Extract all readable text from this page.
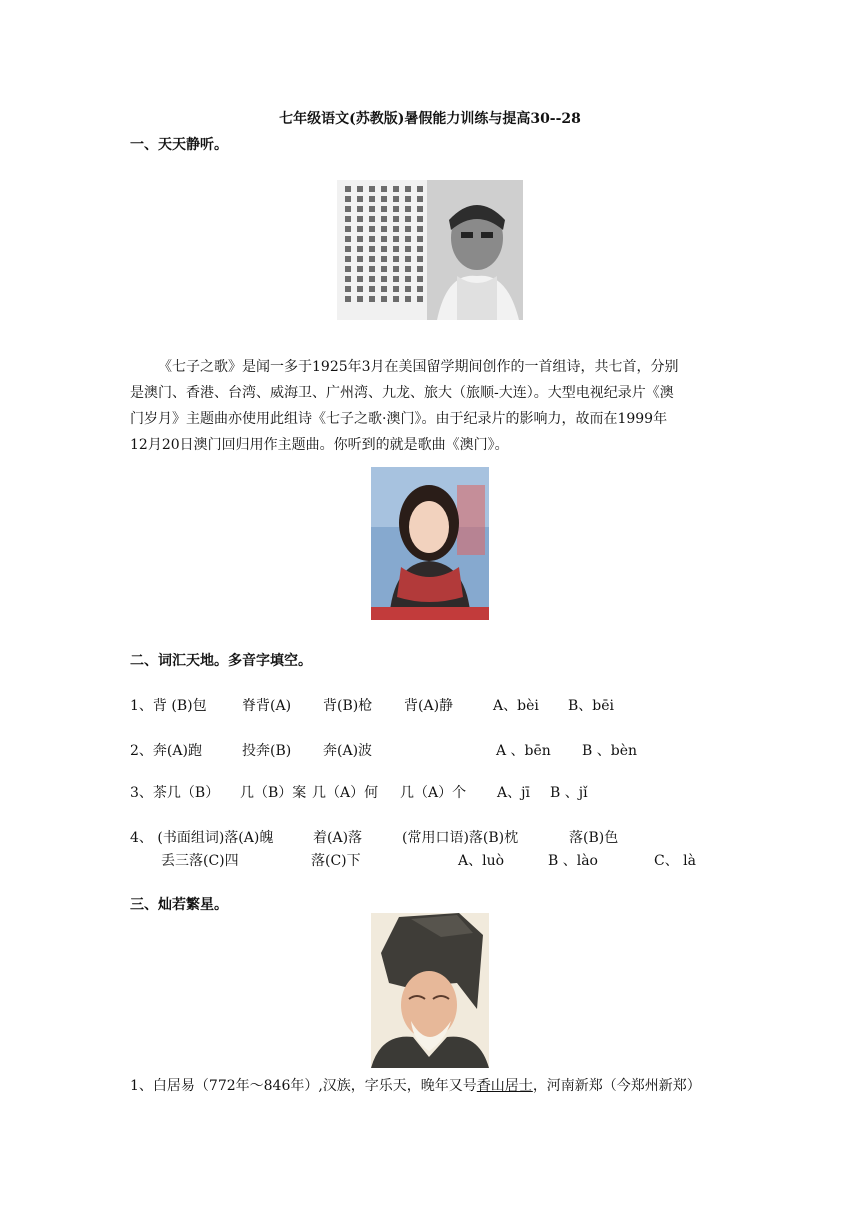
七年级语文(苏教版)暑假能力训练与提高30--28
一、天天静听。

《七子之歌》是闻一多于1925年3月在美国留学期间创作的一首组诗，共七首，分别

是澳门、香港、台湾、威海卫、广州湾、九龙、旅大（旅顺-大连）。大型电视纪录片《澳

门岁月》主题曲亦使用此组诗《七子之歌·澳门》。由于纪录片的影响力，故而在1999年

12月20日澳门回归用作主题曲。你听到的就是歌曲《澳门》。

二、词汇天地。多音字填空。
1、背 (B)包	脊背(A) 背(B)枪 背(A)静	A、bèi B、bēi
2、奔(A)跑	投奔(B) 奔(A)波	A 、bēn B 、bèn
3、茶几（B） 几（B）案 几（A）何 几（A）个 A、jī B 、jǐ
4、 (书面组词)落(A)魄	着(A)落	(常用口语)落(B)枕	落(B)色
丢三落(C)四	落(C)下	A、luò	B 、lào	C、 là
三、灿若繁星。
1、白居易（772年～846年）,汉族，字乐天，晚年又号香山居士，河南新郑（今郑州新郑）
